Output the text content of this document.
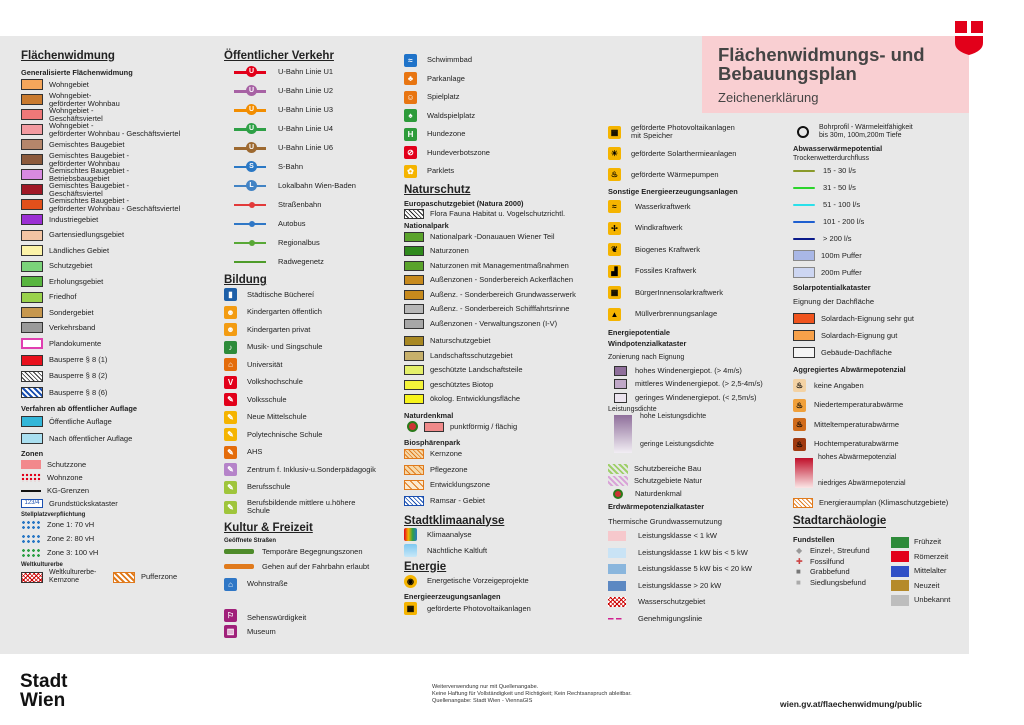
Flächenwidmung
Generalisierte Flächenwidmung
Wohngebiet
Wohngebiet-
geförderter Wohnbau
Wohngebiet -
Geschäftsviertel
Wohngebiet -
geförderter Wohnbau - Geschäftsviertel
Gemischtes Baugebiet
Gemischtes Baugebiet -
geförderter Wohnbau
Gemischtes Baugebiet -
Betriebsbaugebiet
Gemischtes Baugebiet -
Geschäftsviertel
Gemischtes Baugebiet -
geförderter Wohnbau - Geschäftsviertel
Industriegebiet
Gartensiedlungsgebiet
Ländliches Gebiet
Schutzgebiet
Erholungsgebiet
Friedhof
Sondergebiet
Verkehrsband
Plandokumente
Bausperre § 8 (1)
Bausperre § 8 (2)
Bausperre § 8 (6)
Verfahren ab öffentlicher Auflage
Öffentliche Auflage
Nach öffentlicher Auflage
Zonen
Schutzzone
Wohnzone
KG-Grenzen
123/4	Grundstückskataster
Stellplatzverpflichtung
Zone 1: 70 vH
Zone 2: 80 vH
Zone 3: 100 vH
Weltkulturerbe
Weltkulturerbe-
Kernzone	Pufferzone
Öffentlicher Verkehr
U	U-Bahn Linie U1
U	U-Bahn Linie U2
U	U-Bahn Linie U3
U	U-Bahn Linie U4
U	U-Bahn Linie U6
S	S-Bahn
L	Lokalbahn Wien-Baden
Straßenbahn
Autobus
Regionalbus
Radwegenetz
Bildung
▮	Städtische Büchereí
☻	Kindergarten öffentlich
☻	Kindergarten privat
♪	Musik- und Singschule
⌂	Universität
V	Volkshochschule
✎	Volksschule
✎	Neue Mittelschule
✎	Polytechnische Schule
✎	AHS
✎	Zentrum f. Inklusiv-u.Sonderpädagogik
✎	Berufsschule
✎	Berufsbildende mittlere u.höhere
Schule
Kultur & Freizeit
Geöffnete Straßen
Temporäre Begegnungszonen
Gehen auf der Fahrbahn erlaubt
⌂	Wohnstraße
⚐	Sehenswürdigkeit
▥	Museum
≈	Schwimmbad
♣	Parkanlage
☺	Spielplatz
♠	Waldspielplatz
H	Hundezone
⊘	Hundeverbotszone
✿	Parklets
Naturschutz
Europaschutzgebiet (Natura 2000)
Flora Fauna Habitat u. Vogelschutzrichtl.
Nationalpark
Nationalpark -Donauauen Wiener Teil
Naturzonen
Naturzonen mit Managementmaßnahmen
Außenzonen - Sonderbereich Ackerflächen
Außenz. - Sonderbereich Grundwasserwerk
Außenz. - Sonderbereich Schifffahrtsrinne
Außenzonen - Verwaltungszonen (I-V)
Naturschutzgebiet
Landschaftsschutzgebiet
geschützte Landschaftsteile
geschütztes Biotop
ökolog. Entwicklungsfläche
Naturdenkmal
punktförmig / flächig
Biosphärenpark
Kernzone
Pflegezone
Entwicklungszone
Ramsar - Gebiet
Stadtklimaanalyse
Klimaanalyse
Nächtliche Kaltluft
Energie
◉	Energetische Vorzeigeprojekte
Energieerzeugungsanlagen
▦	geförderte Photovoltaikanlagen
▦	geförderte Photovoltaikanlagen
mit Speicher
☀	geförderte Solarthermieanlagen
♨	geförderte Wärmepumpen
Sonstige Energieerzeugungsanlagen
≈	Wasserkraftwerk
✢	Windkraftwerk
❦	Biogenes Kraftwerk
▟	Fossiles Kraftwerk
▦	BürgerInnensolarkraftwerk
▲	Müllverbrennungsanlage
Energiepotentiale
Windpotenzialkataster
Zonierung nach Eignung
hohes Windenergiepot. (> 4m/s)
mittleres Windenergiepot. (> 2,5-4m/s)
geringes Windenergiepot. (< 2,5m/s)
Leistungsdichte
hohe Leistungsdichte
geringe Leistungsdichte
Schutzbereiche Bau
Schutzgebiete Natur
Naturdenkmal
Erdwärmepotenzialkataster
Thermische Grundwassernutzung
Leistungsklasse < 1 kW
Leistungsklasse 1 kW bis < 5 kW
Leistungsklasse 5 kW bis < 20 kW
Leistungsklasse > 20 kW
Wasserschutzgebiet
Genehmigungslinie
Bohrprofil - Wärmeleitfähigkeit
bis 30m, 100m,200m Tiefe
Abwasserwärmepotential
Trockenwetterdurchfluss
15 - 30 l/s
31 - 50 l/s
51 - 100 l/s
101 - 200 l/s
> 200 l/s
100m Puffer
200m Puffer
Solarpotentialkataster
Eignung der Dachfläche
Solardach-Eignung sehr gut
Solardach-Eignung gut
Gebäude-Dachfläche
Aggregiertes Abwärmepotenzial
♨	keine Angaben
♨	Niedertemperaturabwärme
♨	Mitteltemperaturabwärme
♨	Hochtemperaturabwärme
hohes Abwärmepotenzial
niedriges Abwärmepotenzial
Energieraumplan (Klimaschutzgebiete)
Stadtarchäologie
Fundstellen
◆	Einzel-, Streufund
✚ Fossilfund
■	Grabbefund
■	Siedlungsbefund
Frühzeit
Römerzeit
Mittelalter
Neuzeit
Unbekannt
Flächenwidmungs- und
Bebauungsplan
Zeichenerklärung
Stadt
Wien
Weiterverwendung nur mit Quellenangabe.
Keine Haftung für Vollständigkeit und Richtigkeit; Kein Rechtsanspruch ableitbar.
Quellenangabe: Stadt Wien - ViennaGIS	wien.gv.at/flaechenwidmung/public
